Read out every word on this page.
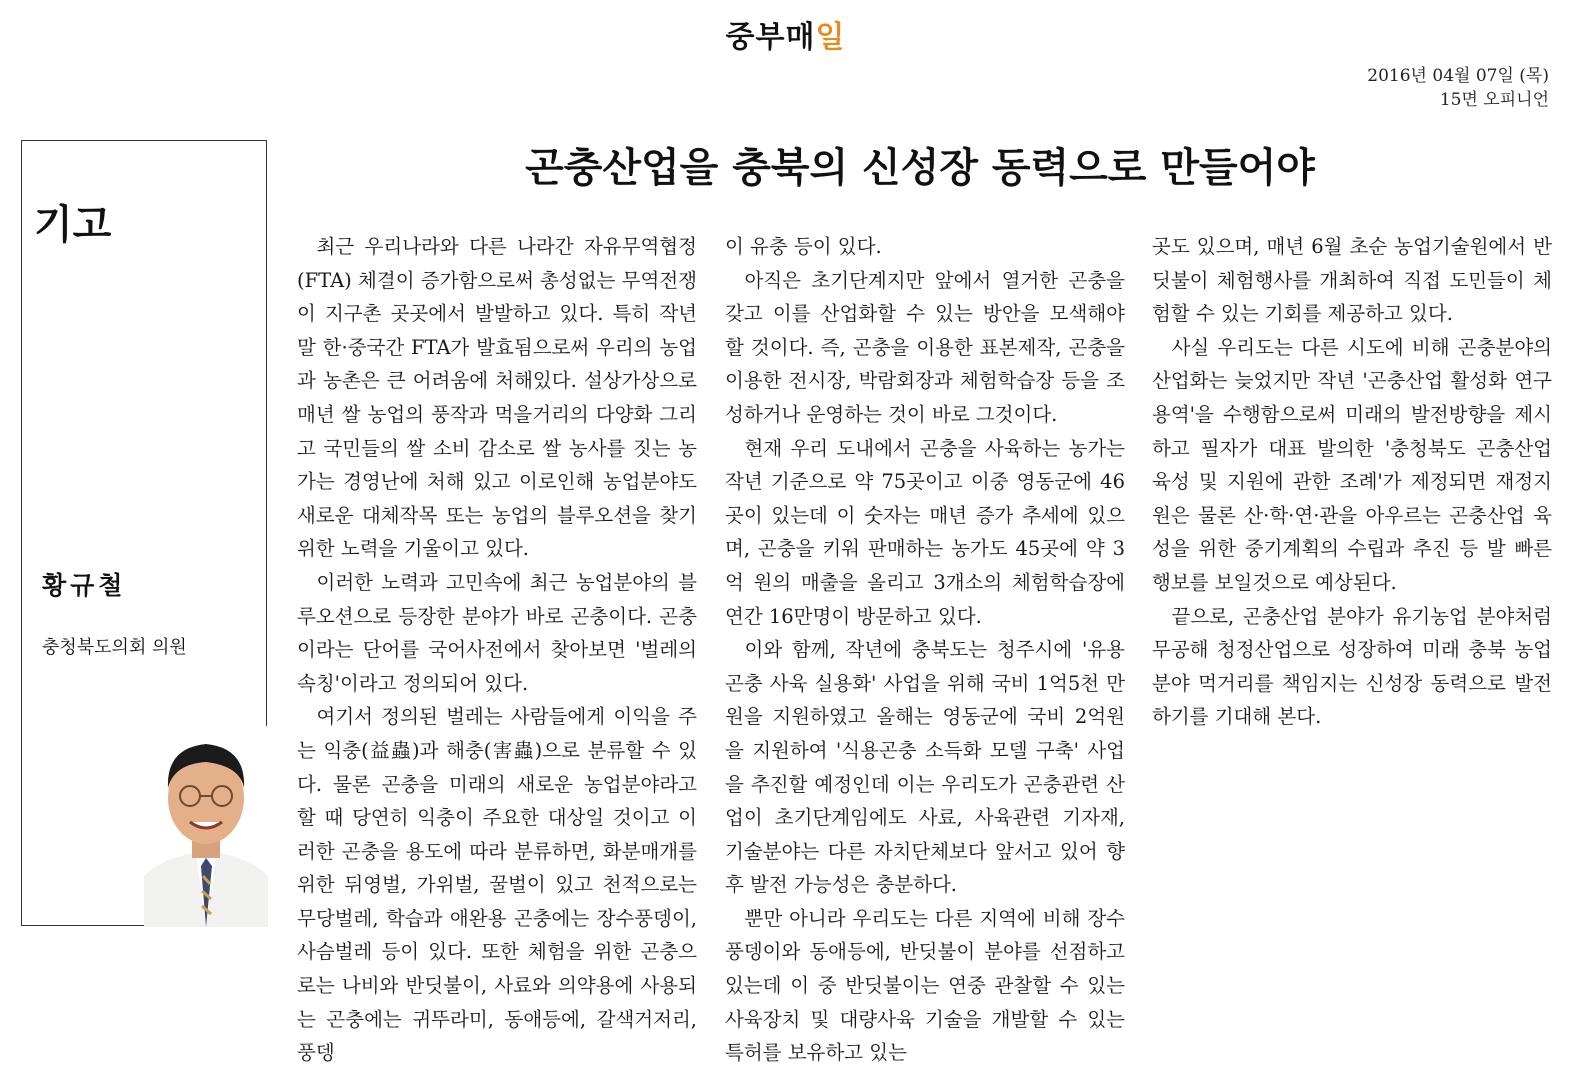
중부매일
2016년 04월 07일 (목)
15면 오피니언
기고
황규철
충청북도의회 의원
곤충산업을 충북의 신성장 동력으로 만들어야

최근 우리나라와 다른 나라간 자유무역협정(FTA) 체결이 증가함으로써 총성없는 무역전쟁이 지구촌 곳곳에서 발발하고 있다. 특히 작년 말 한·중국간 FTA가 발효됨으로써 우리의 농업과 농촌은 큰 어려움에 처해있다. 설상가상으로 매년 쌀 농업의 풍작과 먹을거리의 다양화 그리고 국민들의 쌀 소비 감소로 쌀 농사를 짓는 농가는 경영난에 처해 있고 이로인해 농업분야도 새로운 대체작목 또는 농업의 블루오션을 찾기 위한 노력을 기울이고 있다.

이러한 노력과 고민속에 최근 농업분야의 블루오션으로 등장한 분야가 바로 곤충이다. 곤충이라는 단어를 국어사전에서 찾아보면 '벌레의 속칭'이라고 정의되어 있다.

여기서 정의된 벌레는 사람들에게 이익을 주는 익충(益蟲)과 해충(害蟲)으로 분류할 수 있다. 물론 곤충을 미래의 새로운 농업분야라고 할 때 당연히 익충이 주요한 대상일 것이고 이러한 곤충을 용도에 따라 분류하면, 화분매개를 위한 뒤영벌, 가위벌, 꿀벌이 있고 천적으로는 무당벌레, 학습과 애완용 곤충에는 장수풍뎅이, 사슴벌레 등이 있다. 또한 체험을 위한 곤충으로는 나비와 반딧불이, 사료와 의약용에 사용되는 곤충에는 귀뚜라미, 동애등에, 갈색거저리, 풍뎅

이 유충 등이 있다.

아직은 초기단계지만 앞에서 열거한 곤충을 갖고 이를 산업화할 수 있는 방안을 모색해야 할 것이다. 즉, 곤충을 이용한 표본제작, 곤충을 이용한 전시장, 박람회장과 체험학습장 등을 조성하거나 운영하는 것이 바로 그것이다.

현재 우리 도내에서 곤충을 사육하는 농가는 작년 기준으로 약 75곳이고 이중 영동군에 46곳이 있는데 이 숫자는 매년 증가 추세에 있으며, 곤충을 키워 판매하는 농가도 45곳에 약 3억 원의 매출을 올리고 3개소의 체험학습장에 연간 16만명이 방문하고 있다.

이와 함께, 작년에 충북도는 청주시에 '유용곤충 사육 실용화' 사업을 위해 국비 1억5천 만원을 지원하였고 올해는 영동군에 국비 2억원을 지원하여 '식용곤충 소득화 모델 구축' 사업을 추진할 예정인데 이는 우리도가 곤충관련 산업이 초기단계임에도 사료, 사육관련 기자재, 기술분야는 다른 자치단체보다 앞서고 있어 향후 발전 가능성은 충분하다.

뿐만 아니라 우리도는 다른 지역에 비해 장수풍뎅이와 동애등에, 반딧불이 분야를 선점하고 있는데 이 중 반딧불이는 연중 관찰할 수 있는 사육장치 및 대량사육 기술을 개발할 수 있는 특허를 보유하고 있는

곳도 있으며, 매년 6월 초순 농업기술원에서 반딧불이 체험행사를 개최하여 직접 도민들이 체험할 수 있는 기회를 제공하고 있다.

사실 우리도는 다른 시도에 비해 곤충분야의 산업화는 늦었지만 작년 '곤충산업 활성화 연구용역'을 수행함으로써 미래의 발전방향을 제시하고 필자가 대표 발의한 '충청북도 곤충산업 육성 및 지원에 관한 조례'가 제정되면 재정지원은 물론 산·학·연·관을 아우르는 곤충산업 육성을 위한 중기계획의 수립과 추진 등 발 빠른 행보를 보일것으로 예상된다.

끝으로, 곤충산업 분야가 유기농업 분야처럼 무공해 청정산업으로 성장하여 미래 충북 농업분야 먹거리를 책임지는 신성장 동력으로 발전하기를 기대해 본다.
